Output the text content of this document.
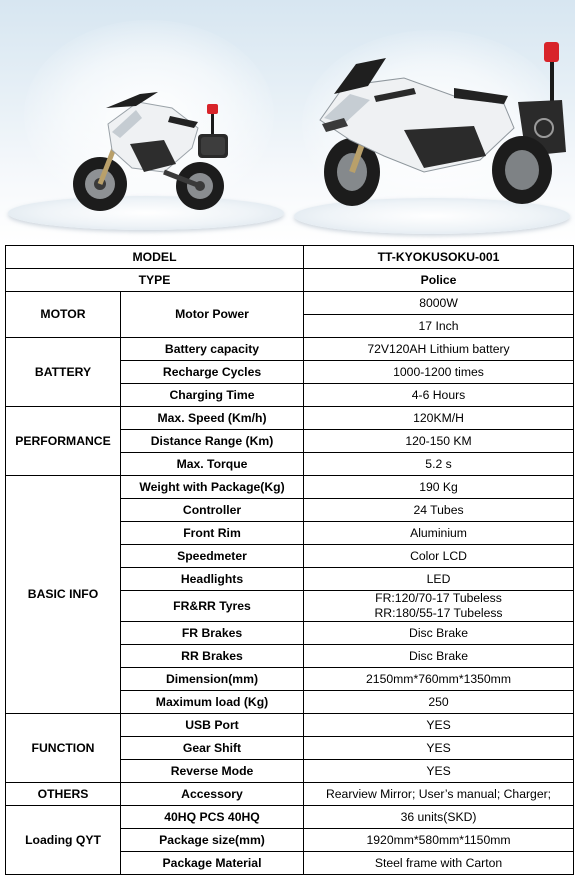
MODEL		TT-KYOKUSOKU-001
TYPE		Police
MOTOR	Motor Power	8000W
		17 Inch
BATTERY	Battery capacity	72V120AH Lithium battery
	Recharge Cycles	1000-1200 times
	Charging Time	4-6 Hours
PERFORMANCE	Max. Speed (Km/h)	120KM/H
	Distance Range (Km)	120-150 KM
	Max. Torque	5.2 s
BASIC INFO	Weight with Package(Kg)	190 Kg
	Controller	24 Tubes
	Front Rim	Aluminium
	Speedmeter	Color LCD
	Headlights	LED
	FR&RR Tyres	FR:120/70-17 Tubeless
RR:180/55-17 Tubeless

	FR Brakes	Disc Brake
	RR Brakes	Disc Brake
	Dimension(mm)	2150mm*760mm*1350mm
	Maximum load (Kg)	250
FUNCTION	USB Port	YES
	Gear Shift	YES
	Reverse Mode	YES
OTHERS	Accessory	Rearview Mirror; User’s manual; Charger;
Loading QYT	40HQ PCS 40HQ	36 units(SKD)
	Package size(mm)	1920mm*580mm*1150mm
	Package Material	Steel frame with Carton
